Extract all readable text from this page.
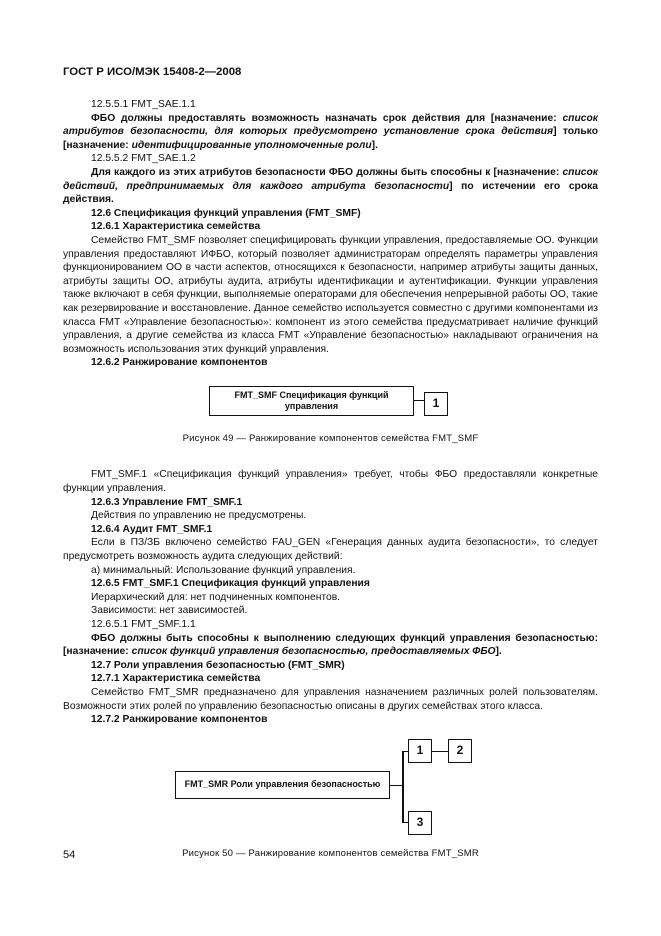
ГОСТ Р ИСО/МЭК 15408-2—2008

12.5.5.1 FMT_SAE.1.1

ФБО должны предоставлять возможность назначать срок действия для [назначение: список атрибутов безопасности, для которых предусмотрено установление срока действия] только [назначение: идентифицированные уполномоченные роли].

12.5.5.2 FMT_SAE.1.2

Для каждого из этих атрибутов безопасности ФБО должны быть способны к [назначение: список действий, предпринимаемых для каждого атрибута безопасности] по истечении его срока действия.

12.6 Спецификация функций управления (FMT_SMF)

12.6.1 Характеристика семейства

Семейство FMT_SMF позволяет специфицировать функции управления, предоставляемые ОО. Функции управления предоставляют ИФБО, который позволяет администраторам определять параметры управления функционированием ОО в части аспектов, относящихся к безопасности, например атрибуты защиты данных, атрибуты защиты ОО, атрибуты аудита, атрибуты идентификации и аутентификации. Функции управления также включают в себя функции, выполняемые операторами для обеспечения непрерывной работы ОО, такие как резервирование и восстановление. Данное семейство используется совместно с другими компонентами из класса FMT «Управление безопасностью»: компонент из этого семейства предусматривает наличие функций управления, а другие семейства из класса FMT «Управление безопасностью» накладывают ограничения на возможность использования этих функций управления.

12.6.2 Ранжирование компонентов

FMT_SMF Спецификация функций управления	1

Рисунок 49 — Ранжирование компонентов семейства FMT_SMF

FMT_SMF.1 «Спецификация функций управления» требует, чтобы ФБО предоставляли конкретные функции управления.

12.6.3 Управление FMT_SMF.1

Действия по управлению не предусмотрены.

12.6.4 Аудит FMT_SMF.1

Если в ПЗ/ЗБ включено семейство FAU_GEN «Генерация данных аудита безопасности», то следует предусмотреть возможность аудита следующих действий:

а) минимальный: Использование функций управления.

12.6.5 FMT_SMF.1 Спецификация функций управления

Иерархический для: нет подчиненных компонентов.

Зависимости: нет зависимостей.

12.6.5.1 FMT_SMF.1.1

ФБО должны быть способны к выполнению следующих функций управления безопасностью: [назначение: список функций управления безопасностью, предоставляемых ФБО].

12.7 Роли управления безопасностью (FMT_SMR)

12.7.1 Характеристика семейства

Семейство FMT_SMR предназначено для управления назначением различных ролей пользователям. Возможности этих ролей по управлению безопасностью описаны в других семействах этого класса.

12.7.2 Ранжирование компонентов

FMT_SMR Роли управления безопасностью
1	2
3

Рисунок 50 — Ранжирование компонентов семейства FMT_SMR

54
